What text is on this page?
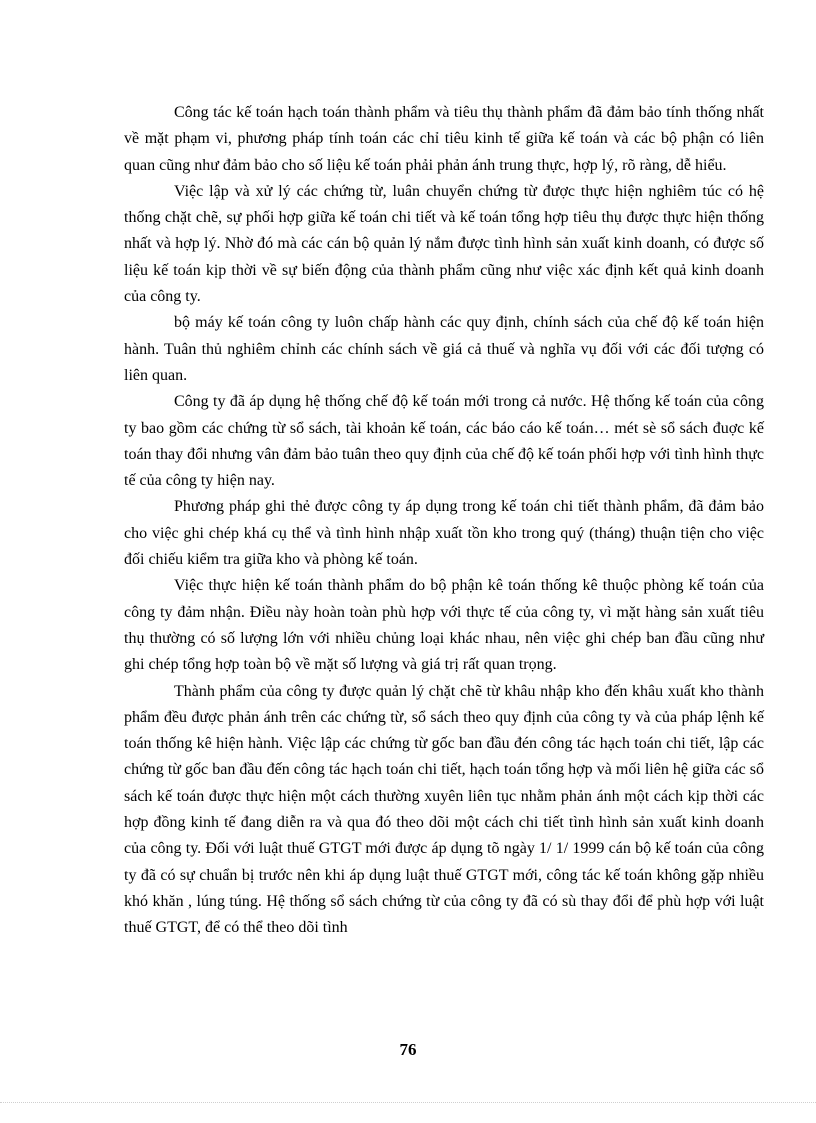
Công tác kế toán hạch toán thành phẩm và tiêu thụ thành phẩm đã đảm bảo tính thống nhất về mặt phạm vi, phương pháp tính toán các chỉ tiêu kinh tế giữa kế toán và các bộ phận có liên quan cũng như đảm bảo cho số liệu kế toán phải phản ánh trung thực, hợp lý, rõ ràng, dễ hiểu.

Việc lập và xử lý các chứng từ, luân chuyển chứng từ được thực hiện nghiêm túc có hệ thống chặt chẽ, sự phối hợp giữa kế toán chi tiết và kế toán tổng hợp tiêu thụ được thực hiện thống nhất và hợp lý. Nhờ đó mà các cán bộ quản lý nắm được tình hình sản xuất kinh doanh, có được số liệu kế toán kịp thời về sự biến động của thành phẩm cũng như việc xác định kết quả kinh doanh của công ty.

bộ máy kế toán công ty luôn chấp hành các quy định, chính sách của chế độ kế toán hiện hành. Tuân thủ nghiêm chỉnh các chính sách về giá cả thuế và nghĩa vụ đối với các đối tượng có liên quan.

Công ty đã áp dụng hệ thống chế độ kế toán mới trong cả nước. Hệ thống kế toán của công ty bao gồm các chứng từ sổ sách, tài khoản kế toán, các báo cáo kế toán… mét sè sổ sách đuợc kế toán thay đổi nhưng vân đảm bảo tuân theo quy định của chế độ kế toán phối hợp với tình hình thực tế của công ty hiện nay.

Phương pháp ghi thẻ được công ty áp dụng trong kế toán chi tiết thành phẩm, đã đảm bảo cho việc ghi chép khá cụ thể và tình hình nhập xuất tồn kho trong quý (tháng) thuận tiện cho việc đối chiếu kiểm tra giữa kho và phòng kế toán.

Việc thực hiện kế toán thành phẩm do bộ phận kê toán thống kê thuộc phòng kế toán của công ty đảm nhận. Điều này hoàn toàn phù hợp với thực tế của công ty, vì mặt hàng sản xuất tiêu thụ thường có số lượng lớn với nhiều chủng loại khác nhau, nên việc ghi chép ban đầu cũng như ghi chép tổng hợp toàn bộ về mặt số lượng và giá trị rất quan trọng.

Thành phẩm của công ty được quản lý chặt chẽ từ khâu nhập kho đến khâu xuất kho thành phẩm đều được phản ánh trên các chứng từ, sổ sách theo quy định của công ty và của pháp lệnh kế toán thống kê hiện hành. Việc lập các chứng từ gốc ban đầu đén công tác hạch toán chi tiết, lập các chứng từ gốc ban đầu đến công tác hạch toán chi tiết, hạch toán tổng hợp và mối liên hệ giữa các sổ sách kế toán được thực hiện một cách thường xuyên liên tục nhằm phản ánh một cách kịp thời các hợp đồng kinh tế đang diễn ra và qua đó theo dõi một cách chi tiết tình hình sản xuất kinh doanh của công ty. Đối với luật thuế GTGT mới được áp dụng tõ ngày 1/ 1/ 1999 cán bộ kế toán của công ty đã có sự chuẩn bị trước nên khi áp dụng luật thuế GTGT mới, công tác kế toán không gặp nhiều khó khăn , lúng túng. Hệ thống sổ sách chứng từ của công ty đã có sù thay đổi để phù hợp với luật thuế GTGT, để có thể theo dõi tình

76
